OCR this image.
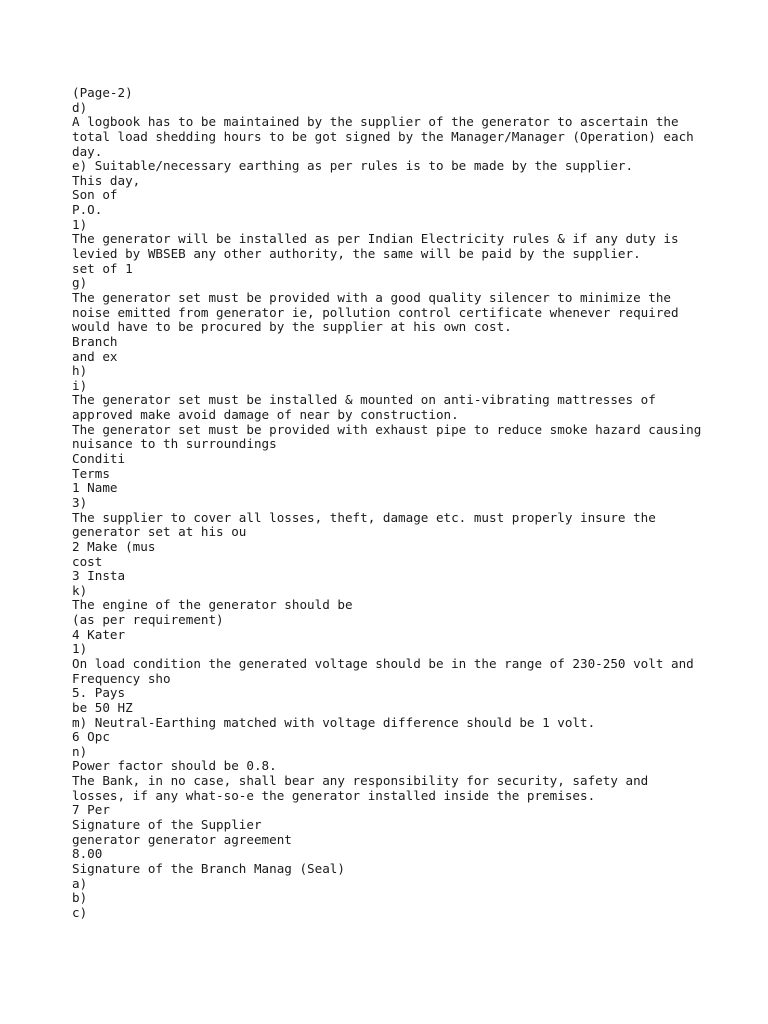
(Page-2)
d)
A logbook has to be maintained by the supplier of the generator to ascertain the
total load shedding hours to be got signed by the Manager/Manager (Operation) each
day.
e) Suitable/necessary earthing as per rules is to be made by the supplier.
This day,
Son of
P.O.
1)
The generator will be installed as per Indian Electricity rules & if any duty is
levied by WBSEB any other authority, the same will be paid by the supplier.
set of 1
g)
The generator set must be provided with a good quality silencer to minimize the
noise emitted from generator ie, pollution control certificate whenever required
would have to be procured by the supplier at his own cost.
Branch
and ex
h)
i)
The generator set must be installed & mounted on anti-vibrating mattresses of
approved make avoid damage of near by construction.
The generator set must be provided with exhaust pipe to reduce smoke hazard causing
nuisance to th surroundings
Conditi
Terms
1 Name
3)
The supplier to cover all losses, theft, damage etc. must properly insure the
generator set at his ou
2 Make (mus
cost
3 Insta
k)
The engine of the generator should be
(as per requirement)
4 Kater
1)
On load condition the generated voltage should be in the range of 230-250 volt and
Frequency sho
5. Pays
be 50 HZ
m) Neutral-Earthing matched with voltage difference should be 1 volt.
6 Opc
n)
Power factor should be 0.8.
The Bank, in no case, shall bear any responsibility for security, safety and
losses, if any what-so-e the generator installed inside the premises.
7 Per
Signature of the Supplier
generator generator agreement
8.00
Signature of the Branch Manag (Seal)
a)
b)
c)
